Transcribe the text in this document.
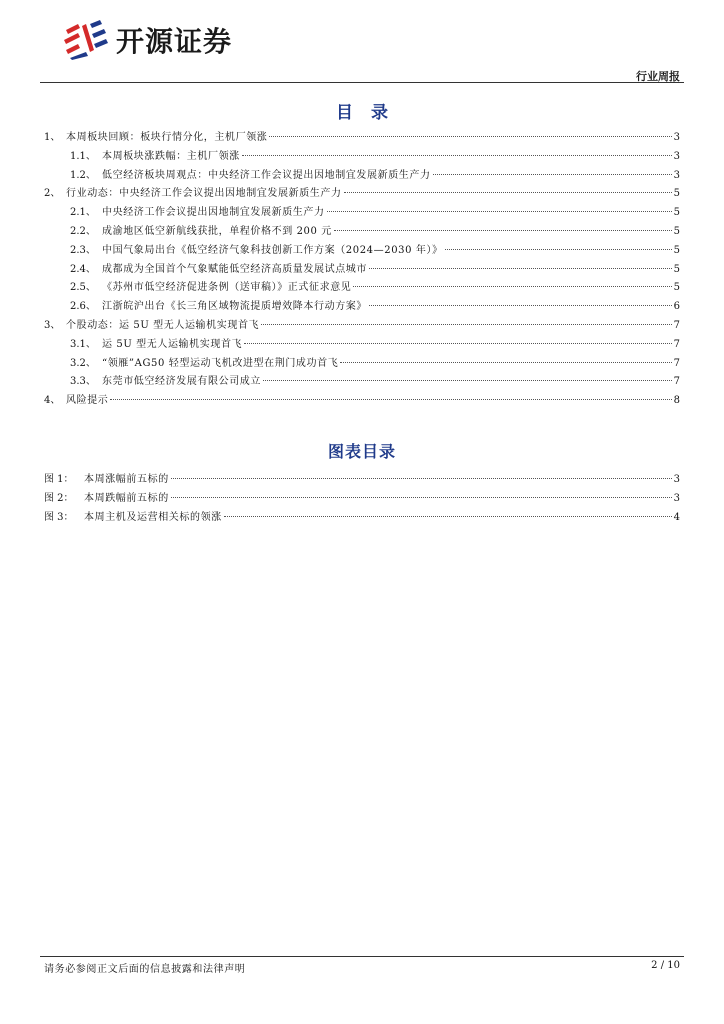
开源证券
行业周报
目录
1、 本周板块回顾：板块行情分化，主机厂领涨	3
1.1、 本周板块涨跌幅：主机厂领涨	3
1.2、 低空经济板块周观点：中央经济工作会议提出因地制宜发展新质生产力	3
2、 行业动态：中央经济工作会议提出因地制宜发展新质生产力	5
2.1、 中央经济工作会议提出因地制宜发展新质生产力	5
2.2、 成渝地区低空新航线获批，单程价格不到 200 元	5
2.3、 中国气象局出台《低空经济气象科技创新工作方案（2024—2030 年）》	5
2.4、 成都成为全国首个气象赋能低空经济高质量发展试点城市	5
2.5、 《苏州市低空经济促进条例（送审稿）》正式征求意见	5
2.6、 江浙皖沪出台《长三角区域物流提质增效降本行动方案》	6
3、 个股动态：运 5U 型无人运输机实现首飞	7
3.1、 运 5U 型无人运输机实现首飞	7
3.2、 “领雁”AG50 轻型运动飞机改进型在荆门成功首飞	7
3.3、 东莞市低空经济发展有限公司成立	7
4、 风险提示	8
图表目录
图 1：	本周涨幅前五标的	3
图 2：	本周跌幅前五标的	3
图 3：	本周主机及运营相关标的领涨	4
请务必参阅正文后面的信息披露和法律声明	2 / 10
